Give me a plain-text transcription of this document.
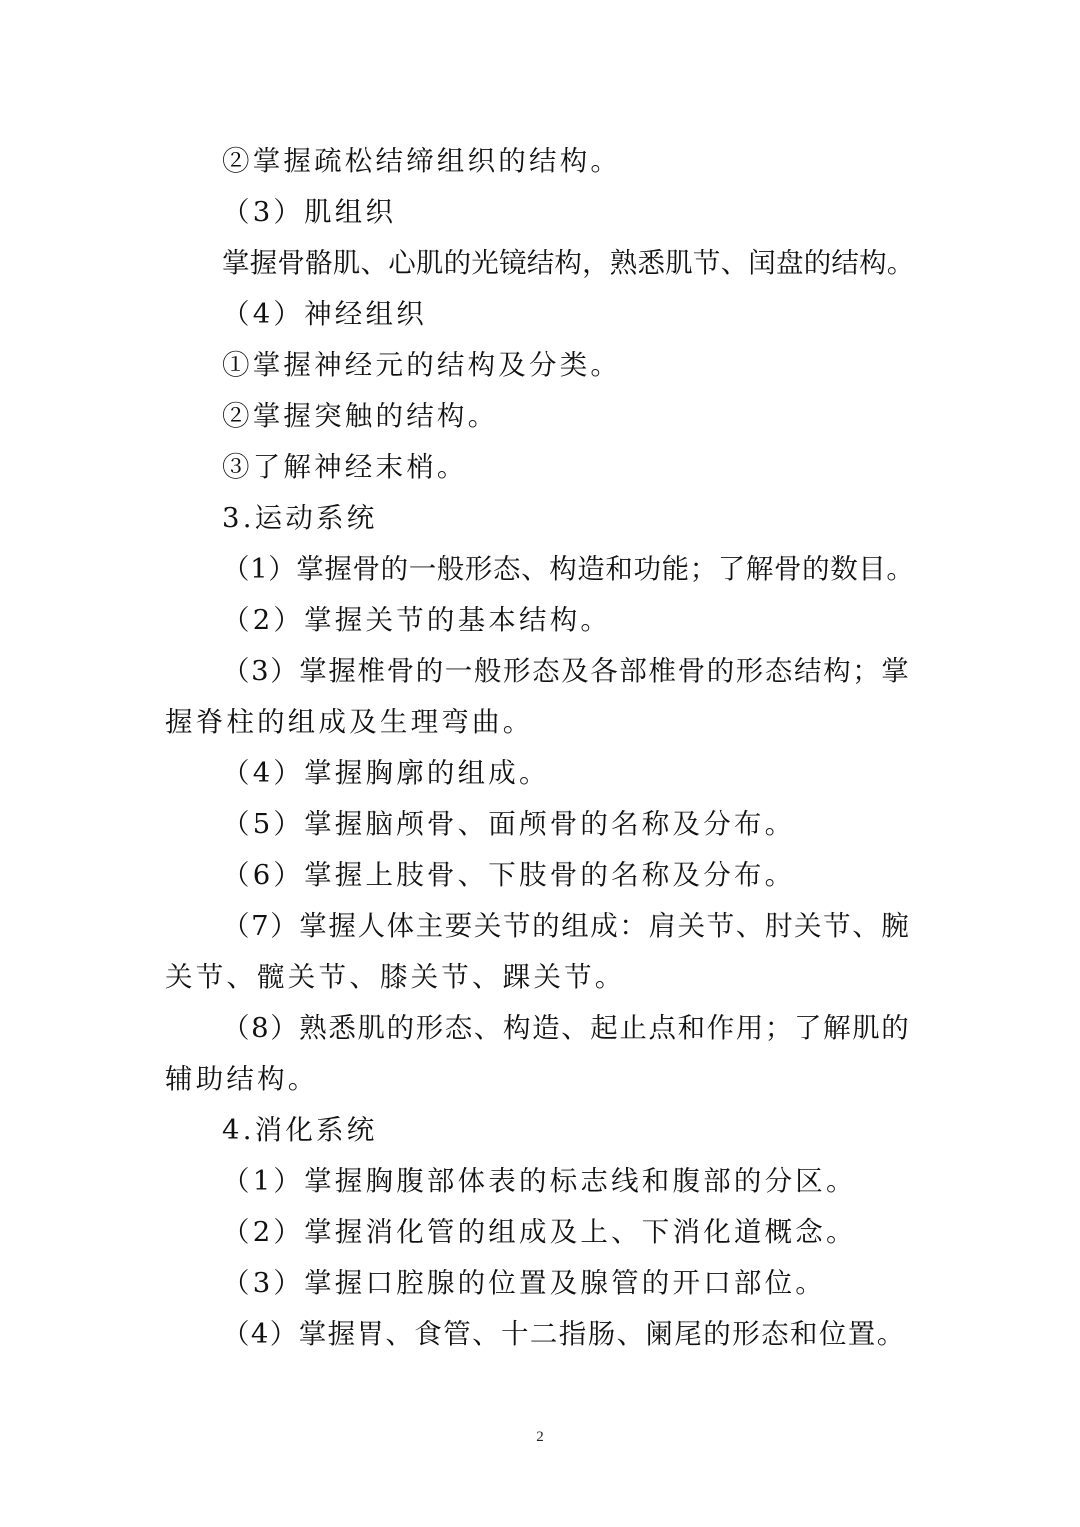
②掌握疏松结缔组织的结构。
（3）肌组织
掌握骨骼肌、心肌的光镜结构，熟悉肌节、闰盘的结构。
（4）神经组织
①掌握神经元的结构及分类。
②掌握突触的结构。
③了解神经末梢。
3.运动系统
（1）掌握骨的一般形态、构造和功能；了解骨的数目。
（2）掌握关节的基本结构。
（3）掌握椎骨的一般形态及各部椎骨的形态结构；掌
握脊柱的组成及生理弯曲。
（4）掌握胸廓的组成。
（5）掌握脑颅骨、面颅骨的名称及分布。
（6）掌握上肢骨、下肢骨的名称及分布。
（7）掌握人体主要关节的组成：肩关节、肘关节、腕
关节、髋关节、膝关节、踝关节。
（8）熟悉肌的形态、构造、起止点和作用；了解肌的
辅助结构。
4.消化系统
（1）掌握胸腹部体表的标志线和腹部的分区。
（2）掌握消化管的组成及上、下消化道概念。
（3）掌握口腔腺的位置及腺管的开口部位。
（4）掌握胃、食管、十二指肠、阑尾的形态和位置。
2
